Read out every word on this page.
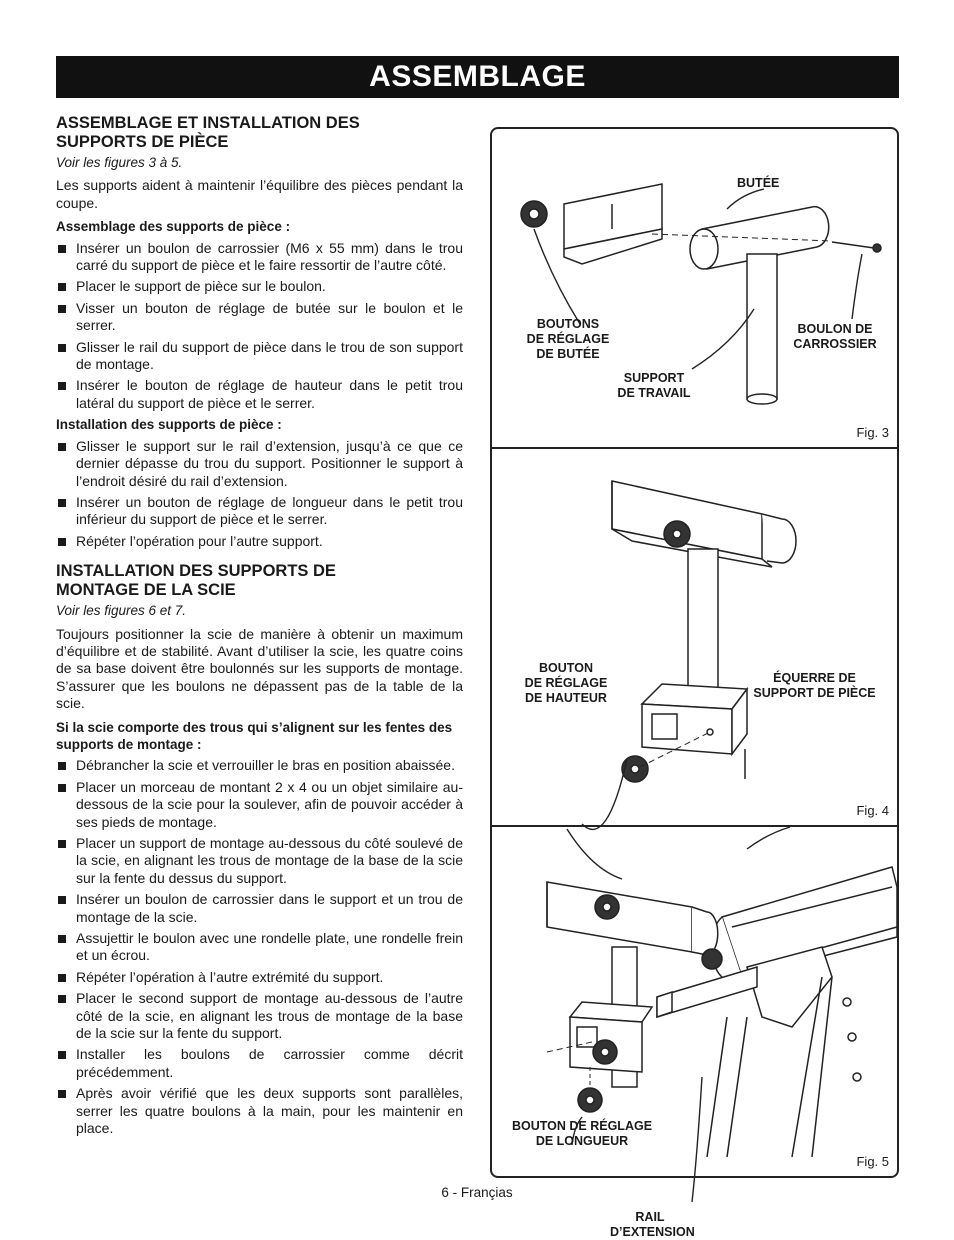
ASSEMBLAGE

ASSEMBLAGE ET INSTALLATION DES
SUPPORTS DE PIÈCE

Voir les figures 3 à 5.

Les supports aident à maintenir l’équilibre des pièces pendant la coupe.

Assemblage des supports de pièce :

Insérer un boulon de carrossier (M6 x 55 mm) dans le trou carré du support de pièce et le faire ressortir de l’autre côté.
Placer le support de pièce sur le boulon.
Visser un bouton de réglage de butée sur le boulon et le serrer.
Glisser le rail du support de pièce dans le trou de son support de montage.
Insérer le bouton de réglage de hauteur dans le petit trou latéral du support de pièce et le serrer.

Installation des supports de pièce :

Glisser le support sur le rail d’extension, jusqu’à ce que ce dernier dépasse du trou du support. Positionner le support à l’endroit désiré du rail d’extension.
Insérer un bouton de réglage de longueur dans le petit trou inférieur du support de pièce et le serrer.
Répéter l’opération pour l’autre support.

INSTALLATION DES SUPPORTS DE
MONTAGE DE LA SCIE

Voir les figures 6 et 7.

Toujours positionner la scie de manière à obtenir un maximum d’équilibre et de stabilité. Avant d’utiliser la scie, les quatre coins de sa base doivent être boulonnés sur les supports de montage. S’assurer que les boulons ne dépassent pas de la table de la scie.

Si la scie comporte des trous qui s’alignent sur les fentes des supports de montage :

Débrancher la scie et verrouiller le bras en position abaissée.
Placer un morceau de montant 2 x 4 ou un objet similaire au-dessous de la scie pour la soulever, afin de pouvoir accéder à ses pieds de montage.
Placer un support de montage au-dessous du côté soulevé de la scie, en alignant les trous de montage de la base de la scie sur la fente du dessus du support.
Insérer un boulon de carrossier dans le support et un trou de montage de la scie.
Assujettir le boulon avec une rondelle plate, une rondelle frein et un écrou.
Répéter l’opération à l’autre extrémité du support.
Placer le second support de montage au-dessous de l’autre côté de la scie, en alignant les trous de montage de la base de la scie sur la fente du support.
Installer les boulons de carrossier comme décrit précédemment.
Après avoir vérifié que les deux supports sont parallèles, serrer les quatre boulons à la main, pour les maintenir en place.
BUTÉE
BOUTONS
DE RÉGLAGE
DE BUTÉE
BOULON DE
CARROSSIER
SUPPORT
DE TRAVAIL
Fig. 3
BOUTON
DE RÉGLAGE
DE HAUTEUR
ÉQUERRE DE
SUPPORT DE PIÈCE
Fig. 4
RAIL
D’EXTENSION
BOUTON DE RÉGLAGE
DE LONGUEUR
Fig. 5
6 - Françias
